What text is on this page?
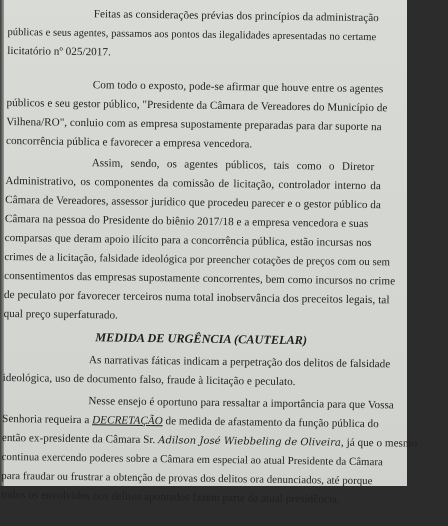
Feitas as considerações prévias dos princípios da administração
públicas e seus agentes, passamos aos pontos das ilegalidades apresentadas no certame
licitatório nº 025/2017.
Com todo o exposto, pode-se afirmar que houve entre os agentes
públicos e seu gestor público, "Presidente da Câmara de Vereadores do Município de
Vilhena/RO", conluio com as empresa supostamente preparadas para dar suporte na
concorrência pública e favorecer a empresa vencedora.
Assim, sendo, os agentes públicos, tais como o Diretor
Administrativo, os componentes da comissão de licitação, controlador interno da
Câmara de Vereadores, assessor jurídico que procedeu parecer e o gestor público da
Câmara na pessoa do Presidente do biênio 2017/18 e a empresa vencedora e suas
comparsas que deram apoio ilícito para a concorrência pública, estão incursas nos
crimes de a licitação, falsidade ideológica por preencher cotações de preços com ou sem
consentimentos das empresas supostamente concorrentes, bem como incursos no crime
de peculato por favorecer terceiros numa total inobservância dos preceitos legais, tal
qual preço superfaturado.
MEDIDA DE URGÊNCIA (CAUTELAR)
As narrativas fáticas indicam a perpetração dos delitos de falsidade
ideológica, uso de documento falso, fraude à licitação e peculato.
Nesse ensejo é oportuno para ressaltar a importância para que Vossa
Senhoria requeira a DECRETAÇÃO de medida de afastamento da função pública do
então ex-presidente da Câmara Sr. Adilson José Wiebbeling de Oliveira, já que o mesmo
continua exercendo poderes sobre a Câmara em especial ao atual Presidente da Câmara
para fraudar ou frustrar a obtenção de provas dos delitos ora denunciados, até porque
todos os envolvidos nos delitos apontados fazem parte da atual presidência.
